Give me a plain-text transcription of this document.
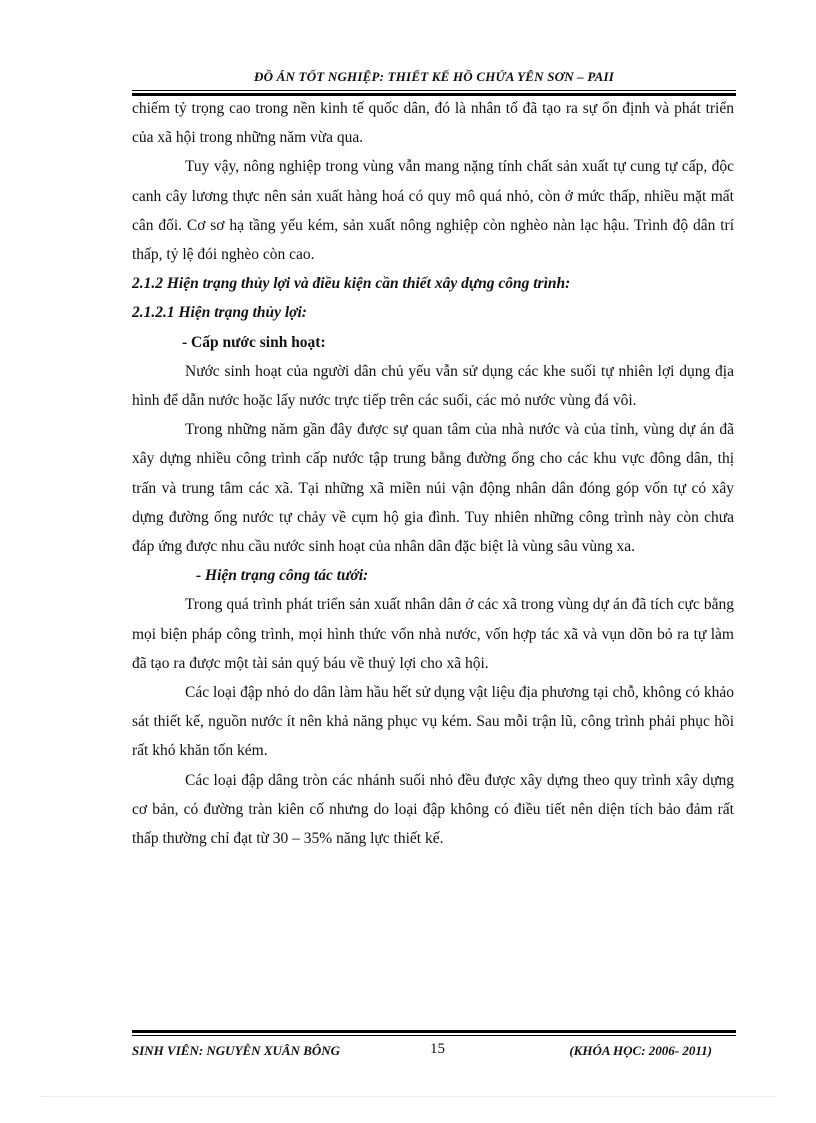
ĐỒ ÁN TỐT NGHIỆP: THIẾT KẾ HỒ CHỨA YÊN SƠN – PAII

chiếm tỷ trọng cao trong nền kinh tế quốc dân, đó là nhân tố đã tạo ra sự ổn định và phát triển của xã hội trong những năm vừa qua.

Tuy vậy, nông nghiệp trong vùng vẫn mang nặng tính chất sản xuất tự cung tự cấp, độc canh cây lương thực nên sản xuất hàng hoá có quy mô quá nhỏ, còn ở mức thấp, nhiều mặt mất cân đối. Cơ sơ hạ tầng yếu kém, sản xuất nông nghiệp còn nghèo nàn lạc hậu. Trình độ dân trí thấp, tỷ lệ đói nghèo còn cao.

2.1.2 Hiện trạng thủy lợi và điều kiện cần thiết xây dựng công trình:

2.1.2.1 Hiện trạng thủy lợi:

- Cấp nước sinh hoạt:

Nước sinh hoạt của người dân chủ yếu vẫn sử dụng các khe suối tự nhiên lợi dụng địa hình để dẫn nước hoặc lấy nước trực tiếp trên các suối, các mỏ nước vùng đá vôi.

Trong những năm gần đây được sự quan tâm của nhà nước và của tỉnh, vùng dự án đã xây dựng nhiều công trình cấp nước tập trung bằng đường ống cho các khu vực đông dân, thị trấn và trung tâm các xã. Tại những xã miền núi vận động nhân dân đóng góp vốn tự có xây dựng đường ống nước tự chảy về cụm hộ gia đình. Tuy nhiên những công trình này còn chưa đáp ứng được nhu cầu nước sinh hoạt của nhân dân đặc biệt là vùng sâu vùng xa.

- Hiện trạng công tác tưới:

Trong quá trình phát triển sản xuất nhân dân ở các xã trong vùng dự án đã tích cực bằng mọi biện pháp công trình, mọi hình thức vốn nhà nước, vốn hợp tác xã và vụn dõn bỏ ra tự làm đã tạo ra được một tài sản quý báu về thuỷ lợi cho xã hội.

Các loại đập nhỏ do dân làm hầu hết sử dụng vật liệu địa phương tại chỗ, không có khảo sát thiết kế, nguồn nước ít nên khả năng phục vụ kém. Sau mỗi trận lũ, công trình phải phục hồi rất khó khăn tốn kém.

Các loại đập dâng tròn các nhánh suối nhỏ đều được xây dựng theo quy trình xây dựng cơ bản, có đường tràn kiên cố nhưng do loại đập không có điều tiết nên diện tích bảo đảm rất thấp thường chỉ đạt từ 30 – 35% năng lực thiết kế.

SINH VIÊN: NGUYỄN XUÂN BÔNG	15	(KHÓA HỌC: 2006- 2011)
